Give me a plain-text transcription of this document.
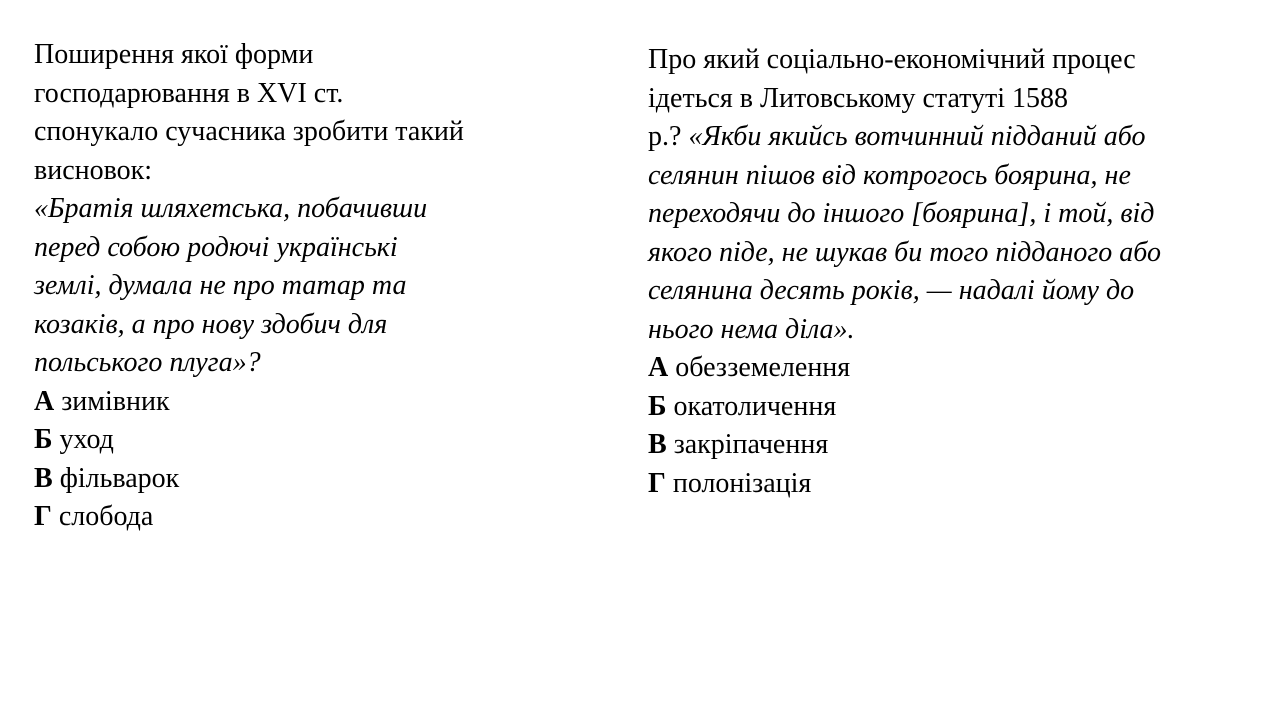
Поширення якої форми
господарювання в XVI ст.
спонукало сучасника зробити такий
висновок:
«Братія шляхетська, побачивши
перед собою родючі українські
землі, думала не про татар та
козаків, а про нову здобич для
польського плуга»?
А зимівник
Б уход
В фільварок
Г слобода
Про який соціально-економічний процес
ідеться в Литовському статуті 1588
р.? «Якби якийсь вотчинний підданий або
селянин пішов від котрогось боярина, не
переходячи до іншого [боярина], і той, від
якого піде, не шукав би того підданого або
селянина десять років, — надалі йому до
нього нема діла».
А обезземелення
Б окатоличення
В закріпачення
Г полонізація
